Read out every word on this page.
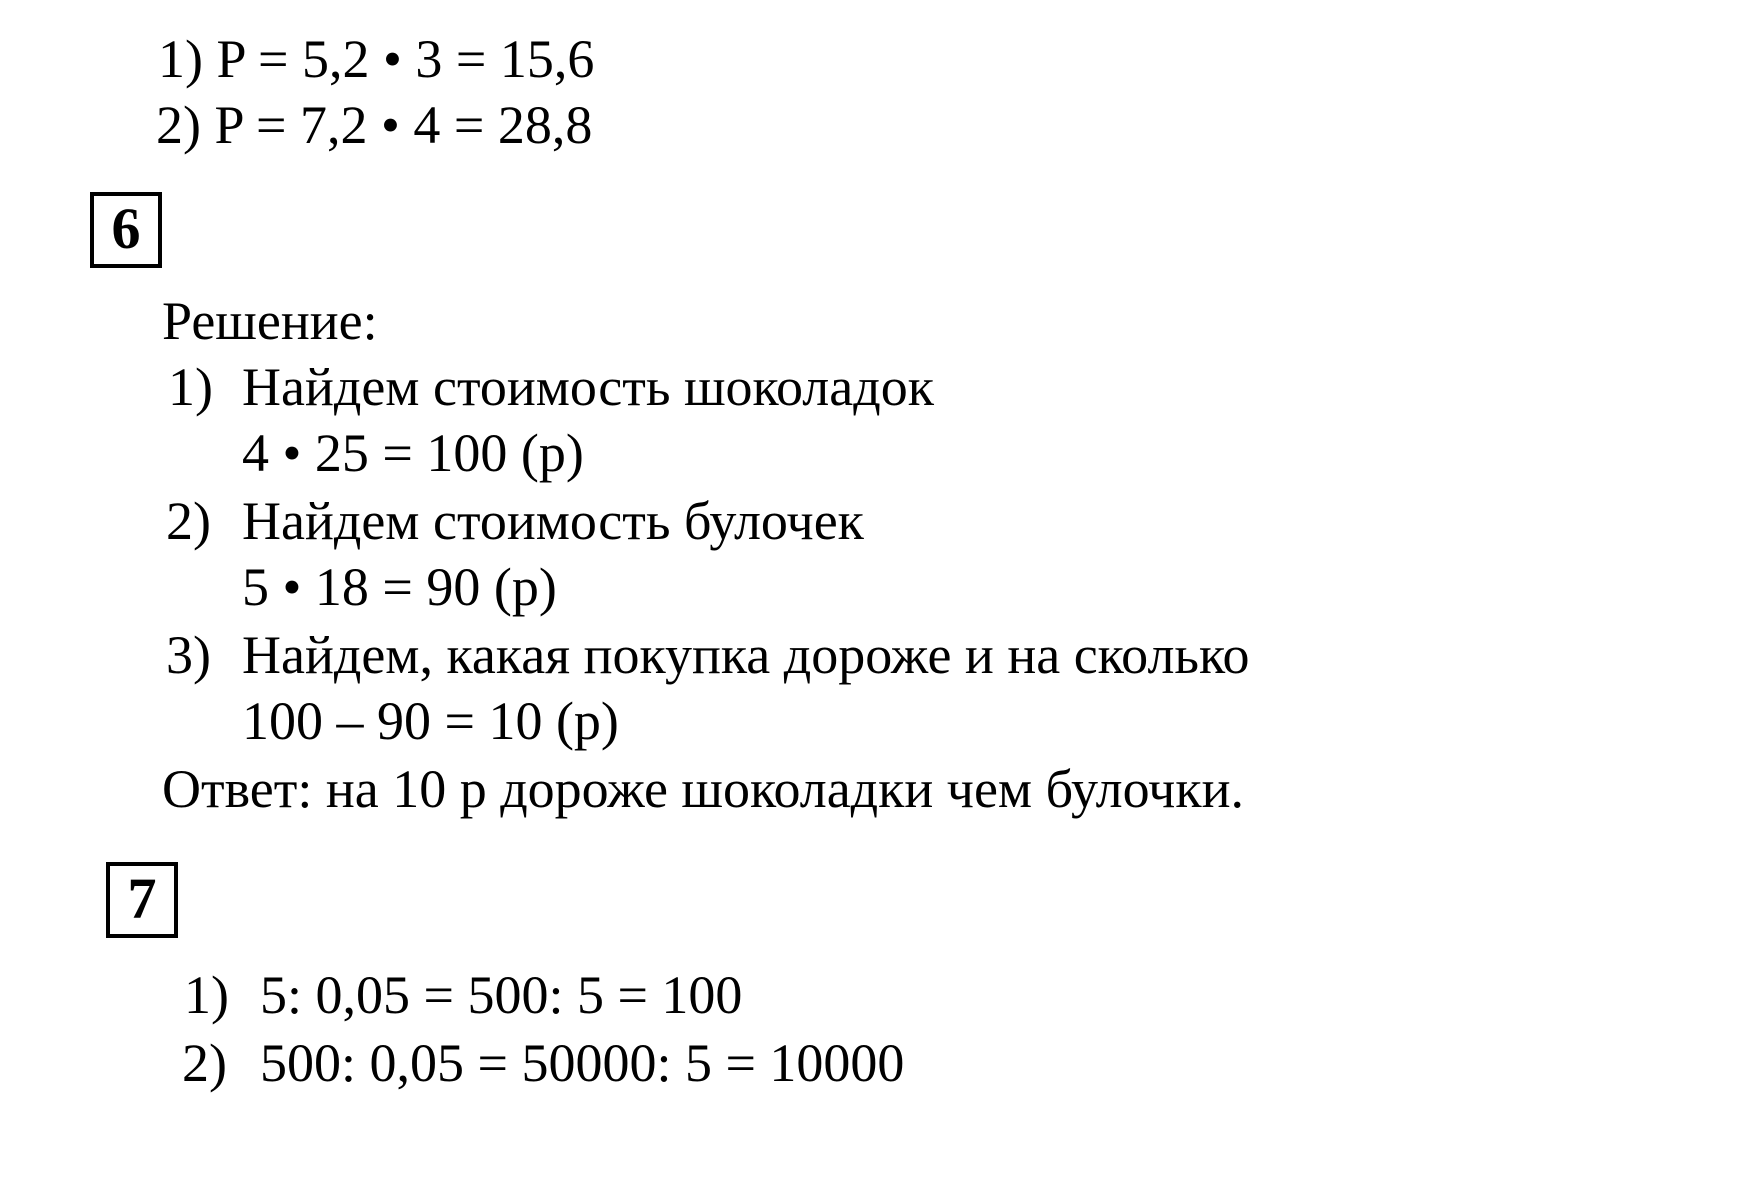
1) P = 5,2 • 3 = 15,6
2) P = 7,2 • 4 = 28,8
6
Решение:
1) Найдем стоимость шоколадок
4 • 25 = 100 (р)
2) Найдем стоимость булочек
5 • 18 = 90 (р)
3) Найдем, какая покупка дороже и на сколько
100 – 90 = 10 (р)
Ответ: на 10 р дороже шоколадки чем булочки.
7
1) 5: 0,05 = 500: 5 = 100
2) 500: 0,05 = 50000: 5 = 10000
